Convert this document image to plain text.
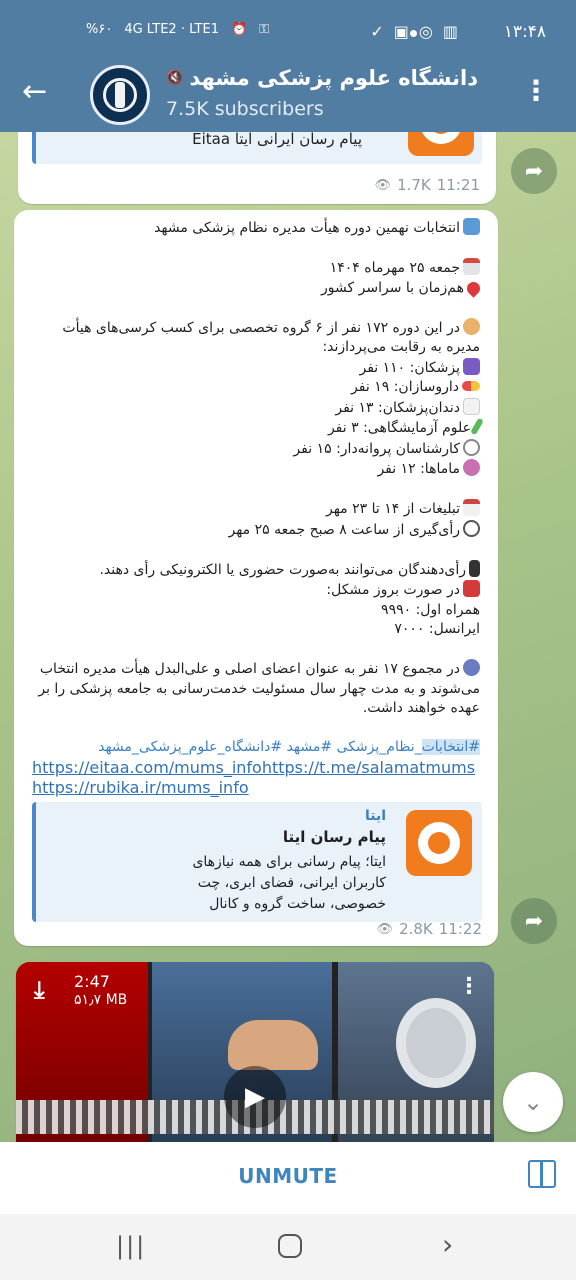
%۶۰ 4G LTE2 · LTE1 ⏰ ⚿	✓ ▣ ◎ ▥	۱۳:۴۸
←	🔇 دانشگاه علوم پزشکی مشهد
7.5K subscribers
⋮
پیام رسان ایرانی ایتا Eitaa
👁 1.7K 11:21
➦

انتخابات نهمین دوره هیأت مدیره نظام پزشکی مشهد

جمعه ۲۵ مهرماه ۱۴۰۴
هم‌زمان با سراسر کشور

در این دوره ۱۷۲ نفر از ۶ گروه تخصصی برای کسب کرسی‌های هیأت مدیره به رقابت می‌پردازند:
پزشکان: ۱۱۰ نفر
داروسازان: ۱۹ نفر
دندان‌پزشکان: ۱۳ نفر
علوم آزمایشگاهی: ۳ نفر
کارشناسان پروانه‌دار: ۱۵ نفر
ماماها: ۱۲ نفر

تبلیغات از ۱۴ تا ۲۳ مهر
رأی‌گیری از ساعت ۸ صبح جمعه ۲۵ مهر

رأی‌دهندگان می‌توانند به‌صورت حضوری یا الکترونیکی رأی دهند.
در صورت بروز مشکل:
همراه اول: ۹۹۹۰
ایرانسل: ۷۰۰۰

در مجموع ۱۷ نفر به عنوان اعضای اصلی و علی‌البدل هیأت مدیره انتخاب می‌شوند و به مدت چهار سال مسئولیت خدمت‌رسانی به جامعه پزشکی را بر عهده خواهند داشت.

#انتخابات_نظام_پزشکی #مشهد #دانشگاه_علوم_پزشکی_مشهد

https://eitaa.com/mums_infohttps://t.me/salamatmums
https://rubika.ir/mums_info
ایتا
پیام رسان ایتا
ایتا؛ پیام رسانی برای همه نیازهای کاربران ایرانی، فضای ابری، چت خصوصی، ساخت گروه و کانال
👁 2.8K 11:22	➦
⤓ 2:47
۵۱٫۷ MB
⋮
▶	⌄
UNMUTE
|||	›
